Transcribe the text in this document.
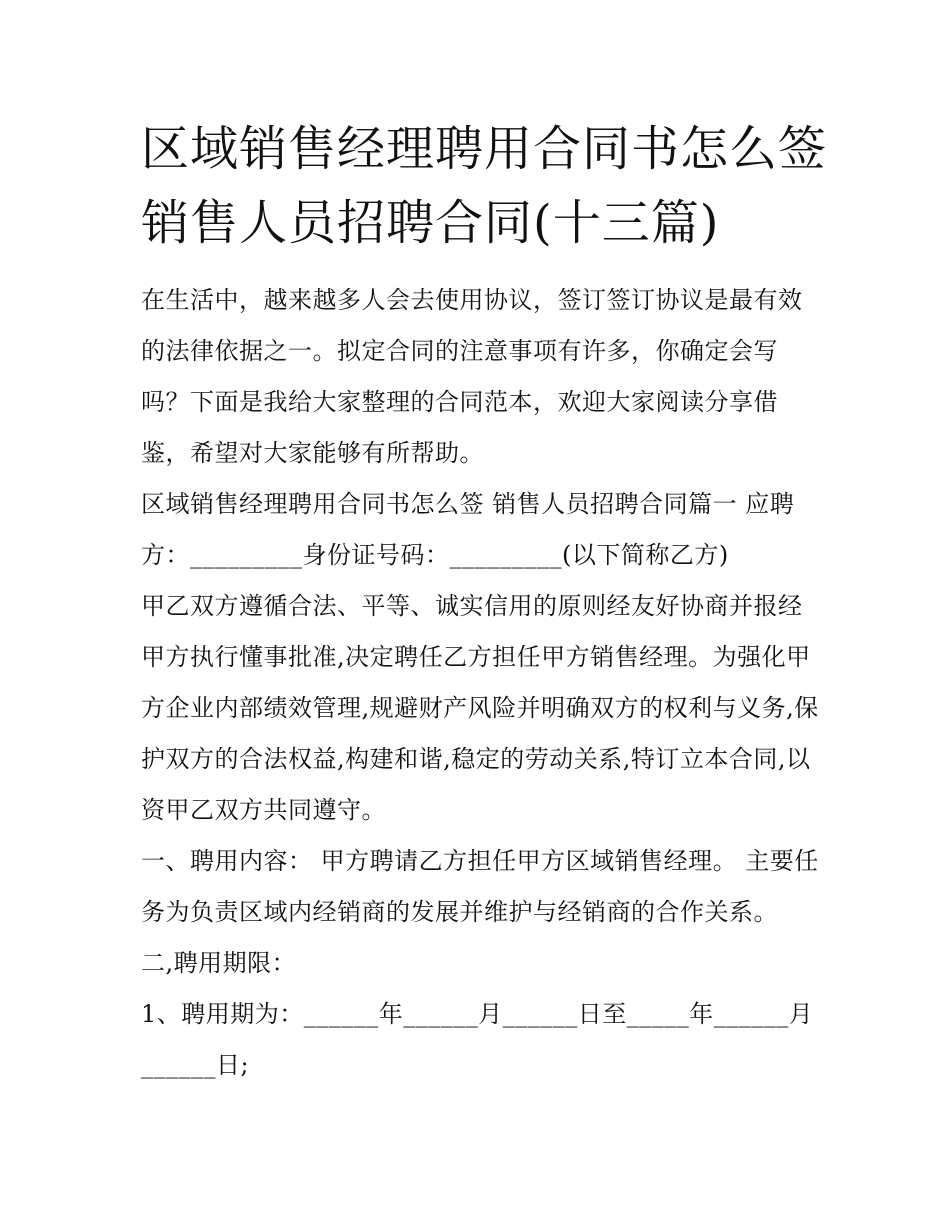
区域销售经理聘用合同书怎么签 销售人员招聘合同(十三篇)

在生活中，越来越多人会去使用协议，签订签订协议是最有效的法律依据之一。拟定合同的注意事项有许多，你确定会写吗？下面是我给大家整理的合同范本，欢迎大家阅读分享借鉴，希望对大家能够有所帮助。

区域销售经理聘用合同书怎么签 销售人员招聘合同篇一 应聘方：_________身份证号码：_________(以下简称乙方)

甲乙双方遵循合法、平等、诚实信用的原则经友好协商并报经甲方执行懂事批准,决定聘任乙方担任甲方销售经理。为强化甲方企业内部绩效管理,规避财产风险并明确双方的权利与义务,保护双方的合法权益,构建和谐,稳定的劳动关系,特订立本合同,以资甲乙双方共同遵守。

一、聘用内容： 甲方聘请乙方担任甲方区域销售经理。 主要任务为负责区域内经销商的发展并维护与经销商的合作关系。

二,聘用期限：

1、聘用期为：______年______月______日至_____年______月______日;
